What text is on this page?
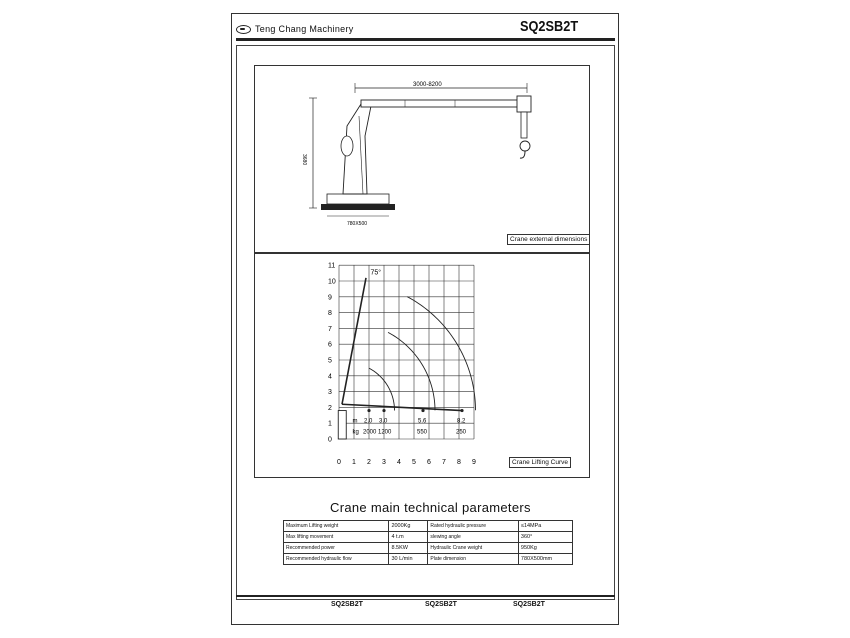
Teng Chang Machinery	SQ2SB2T
3000-8200
3680
780X500
Crane external dimensions
11
10
9
8
7
6
5
4
3
2
1
0
0 1 2 3 4 5 6 7 8 9
75°
2.0
2000
3.0
1200
5.6
550
8.2
250
m
kg
Crane Lifting Curve
Crane main technical parameters
Maximum Lifting weight	2000Kg	Rated hydraulic pressure	≤14MPa
Max lifting movement	4 t.m	slewing angle	360°
Recommended power	8.5KW	Hydraulic Crane weight	950Kg
Recommended hydraulic flow	30 L/min	Plate dimension	780X500mm
SQ2SB2T	SQ2SB2T	SQ2SB2T
